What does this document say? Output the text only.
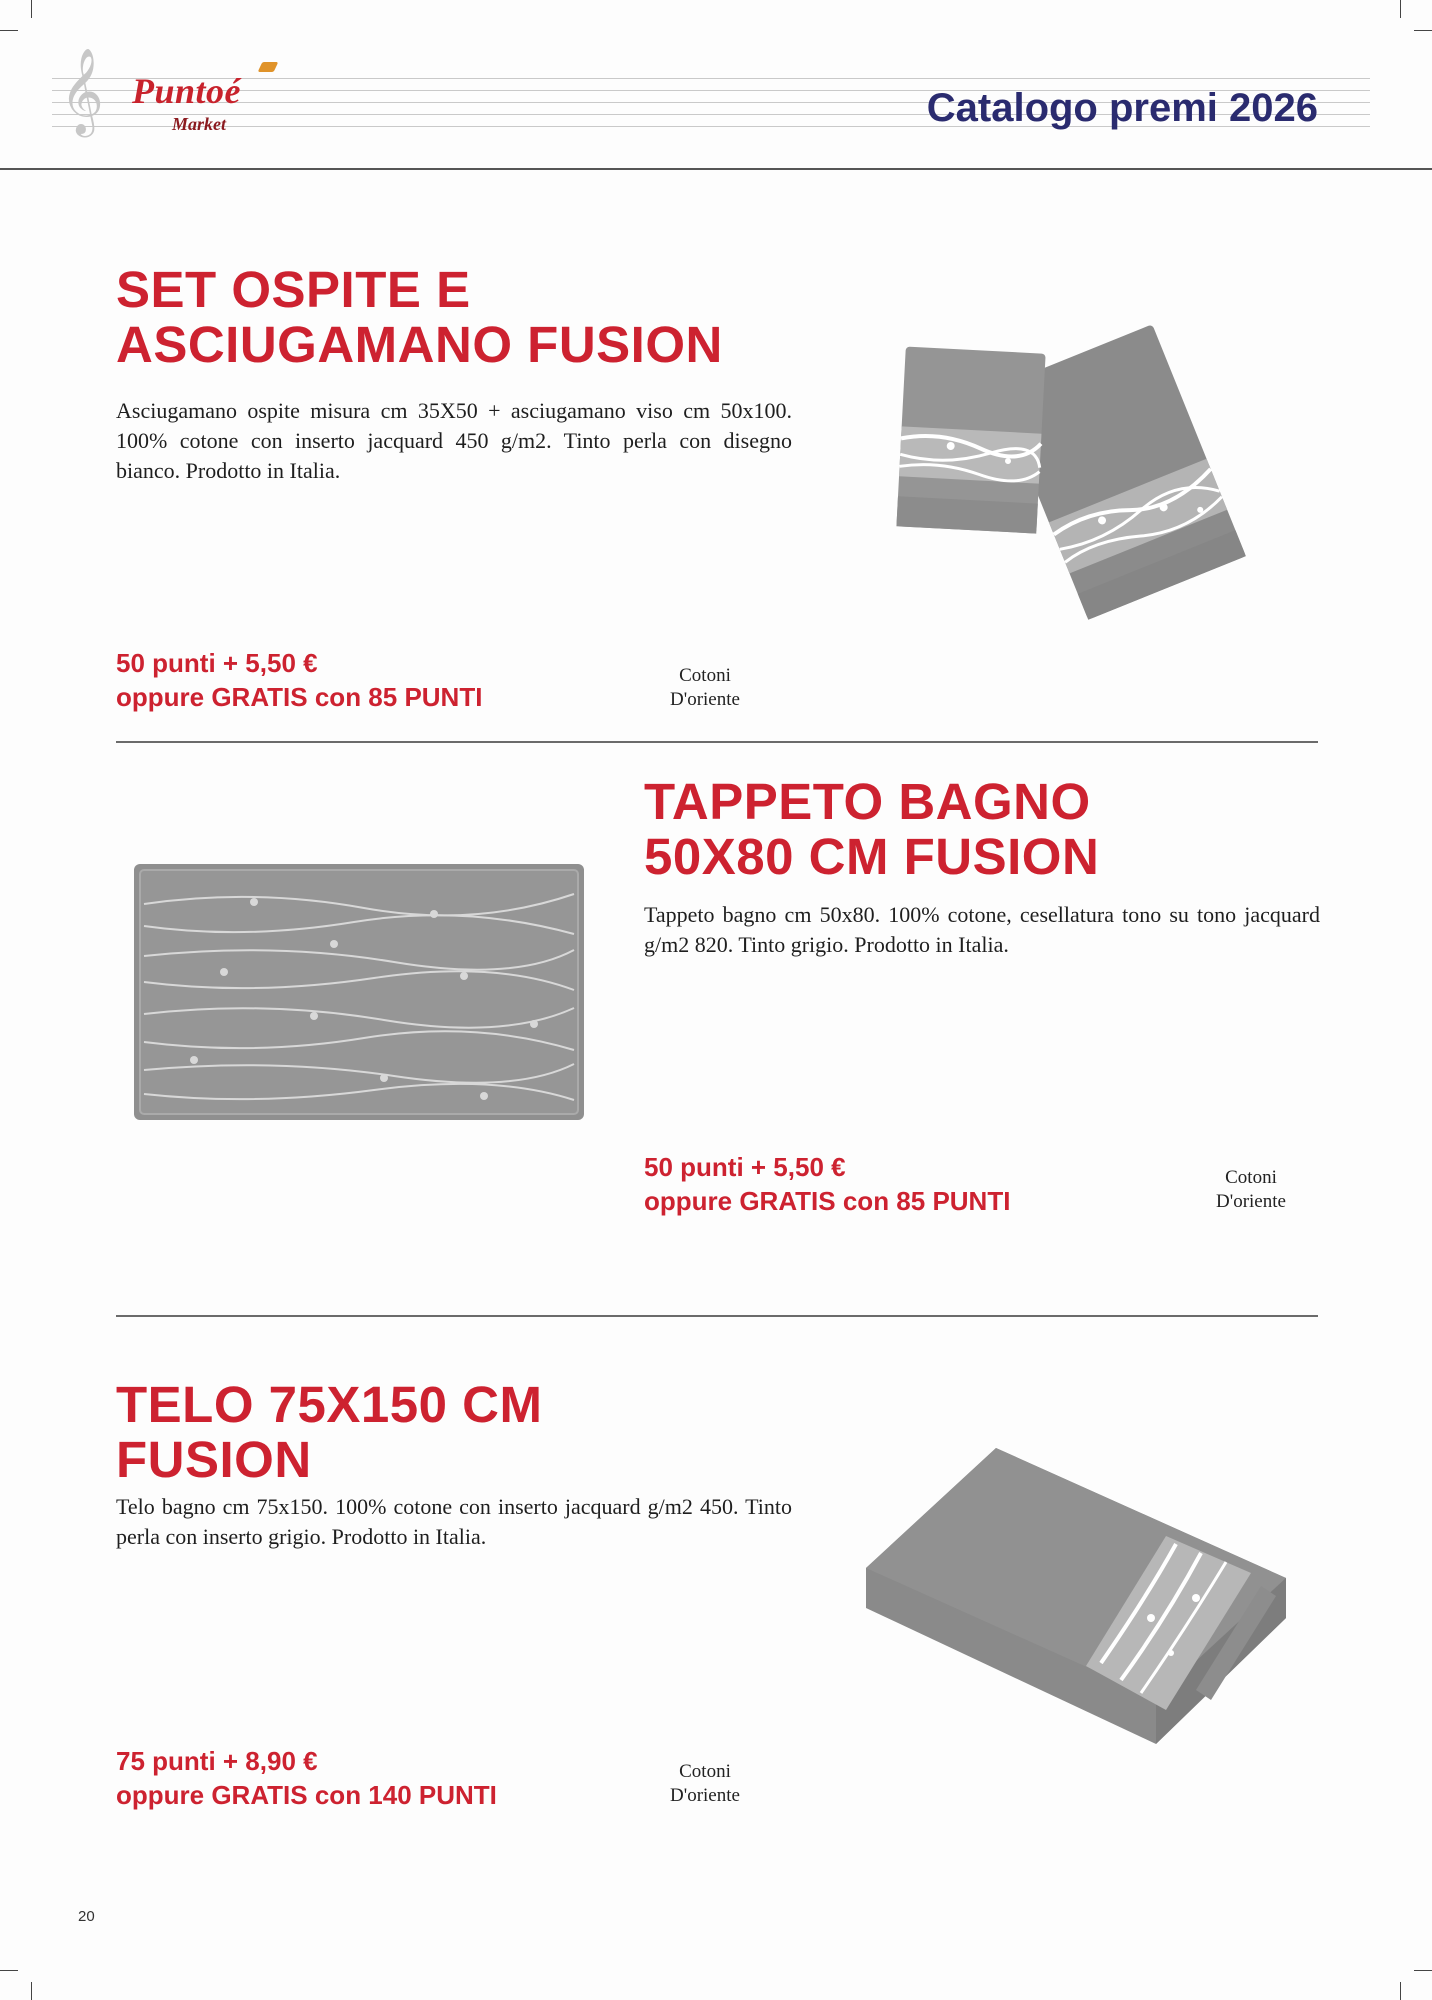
𝄞 Puntoé
Market	Catalogo premi 2026
SET OSPITE E
ASCIUGAMANO FUSION

Asciugamano ospite misura cm 35X50 + asciugamano viso cm 50x100. 100% cotone con inserto jacquard 450 g/m2. Tinto perla con disegno bianco. Prodotto in Italia.

50 punti + 5,50 €
oppure GRATIS con 85 PUNTI
Cotoni
D'oriente
TAPPETO BAGNO
50X80 CM FUSION

Tappeto bagno cm 50x80. 100% cotone, cesellatura tono su tono jacquard g/m2 820. Tinto grigio. Prodotto in Italia.

50 punti + 5,50 €
oppure GRATIS con 85 PUNTI
Cotoni
D'oriente
TELO 75X150 CM
FUSION

Telo bagno cm 75x150. 100% cotone con inserto jacquard g/m2 450. Tinto perla con inserto grigio. Prodotto in Italia.

75 punti + 8,90 €
oppure GRATIS con 140 PUNTI
Cotoni
D'oriente
20
